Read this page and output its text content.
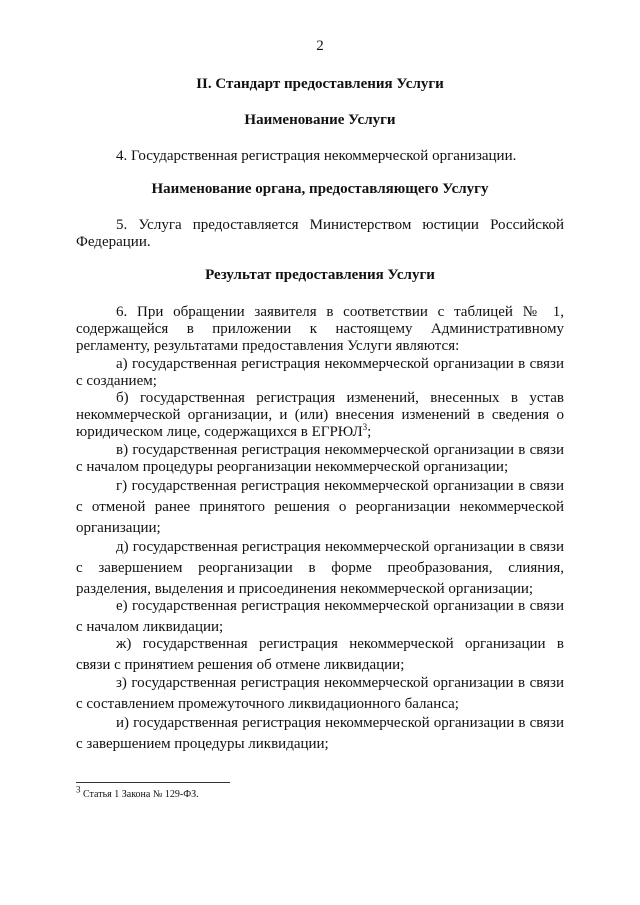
2
II. Стандарт предоставления Услуги
Наименование Услуги
4. Государственная регистрация некоммерческой организации.
Наименование органа, предоставляющего Услугу
5. Услуга предоставляется Министерством юстиции Российской Федерации.
Результат предоставления Услуги
6. При обращении заявителя в соответствии с таблицей № 1, содержащейся в приложении к настоящему Административному регламенту, результатами предоставления Услуги являются:
а) государственная регистрация некоммерческой организации в связи с созданием;
б) государственная регистрация изменений, внесенных в устав некоммерческой организации, и (или) внесения изменений в сведения о юридическом лице, содержащихся в ЕГРЮЛ$^3$;
в) государственная регистрация некоммерческой организации в связи с началом процедуры реорганизации некоммерческой организации;
г) государственная регистрация некоммерческой организации в связи с отменой ранее принятого решения о реорганизации некоммерческой организации;
д) государственная регистрация некоммерческой организации в связи с завершением реорганизации в форме преобразования, слияния, разделения, выделения и присоединения некоммерческой организации;
е) государственная регистрация некоммерческой организации в связи с началом ликвидации;
ж) государственная регистрация некоммерческой организации в связи с принятием решения об отмене ликвидации;
з) государственная регистрация некоммерческой организации в связи с составлением промежуточного ликвидационного баланса;
и) государственная регистрация некоммерческой организации в связи с завершением процедуры ликвидации;
$^3$ Статья 1 Закона № 129-ФЗ.
